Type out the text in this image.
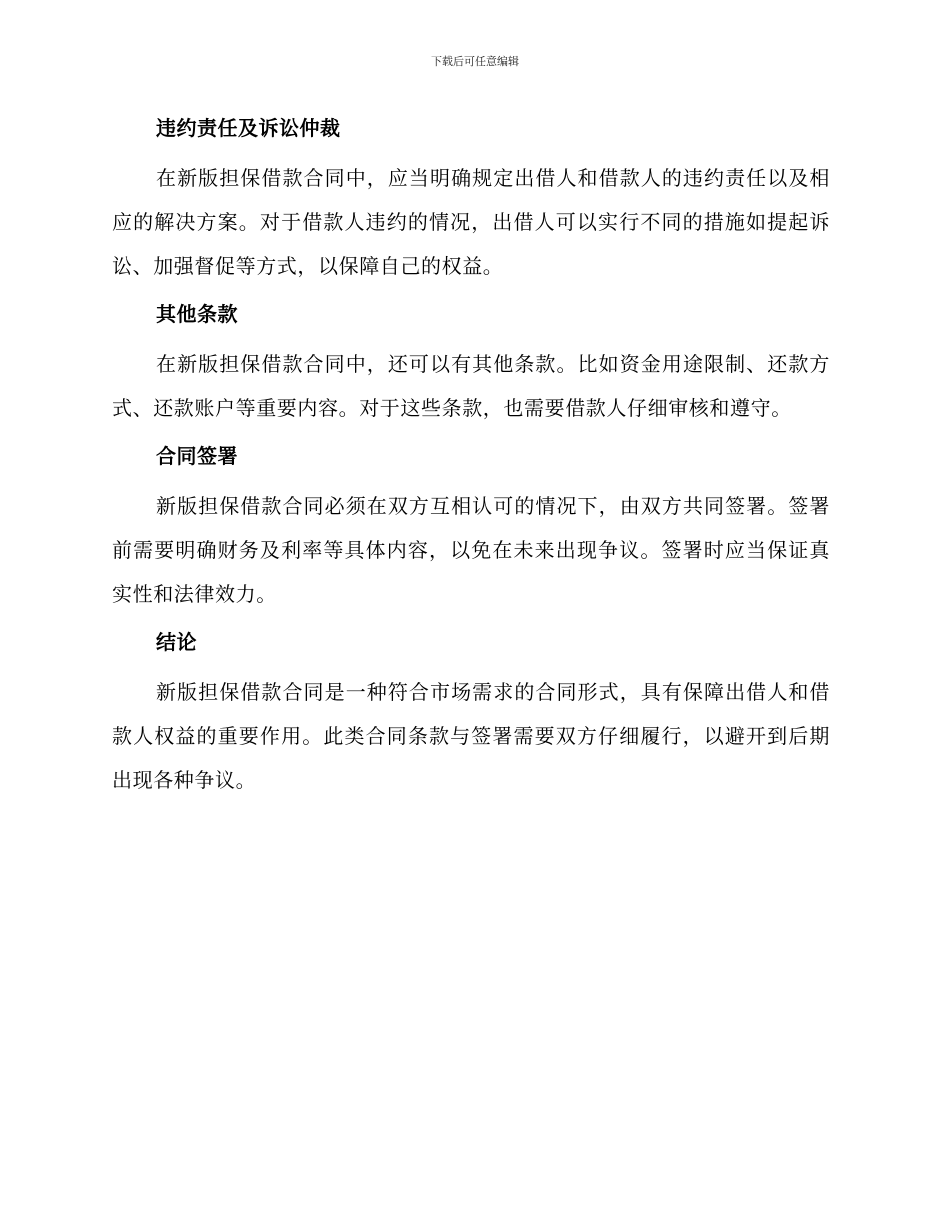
下载后可任意编辑
违约责任及诉讼仲裁

在新版担保借款合同中，应当明确规定出借人和借款人的违约责任以及相应的解决方案。对于借款人违约的情况，出借人可以实行不同的措施如提起诉讼、加强督促等方式，以保障自己的权益。

其他条款

在新版担保借款合同中，还可以有其他条款。比如资金用途限制、还款方式、还款账户等重要内容。对于这些条款，也需要借款人仔细审核和遵守。

合同签署

新版担保借款合同必须在双方互相认可的情况下，由双方共同签署。签署前需要明确财务及利率等具体内容，以免在未来出现争议。签署时应当保证真实性和法律效力。

结论

新版担保借款合同是一种符合市场需求的合同形式，具有保障出借人和借款人权益的重要作用。此类合同条款与签署需要双方仔细履行，以避开到后期出现各种争议。
